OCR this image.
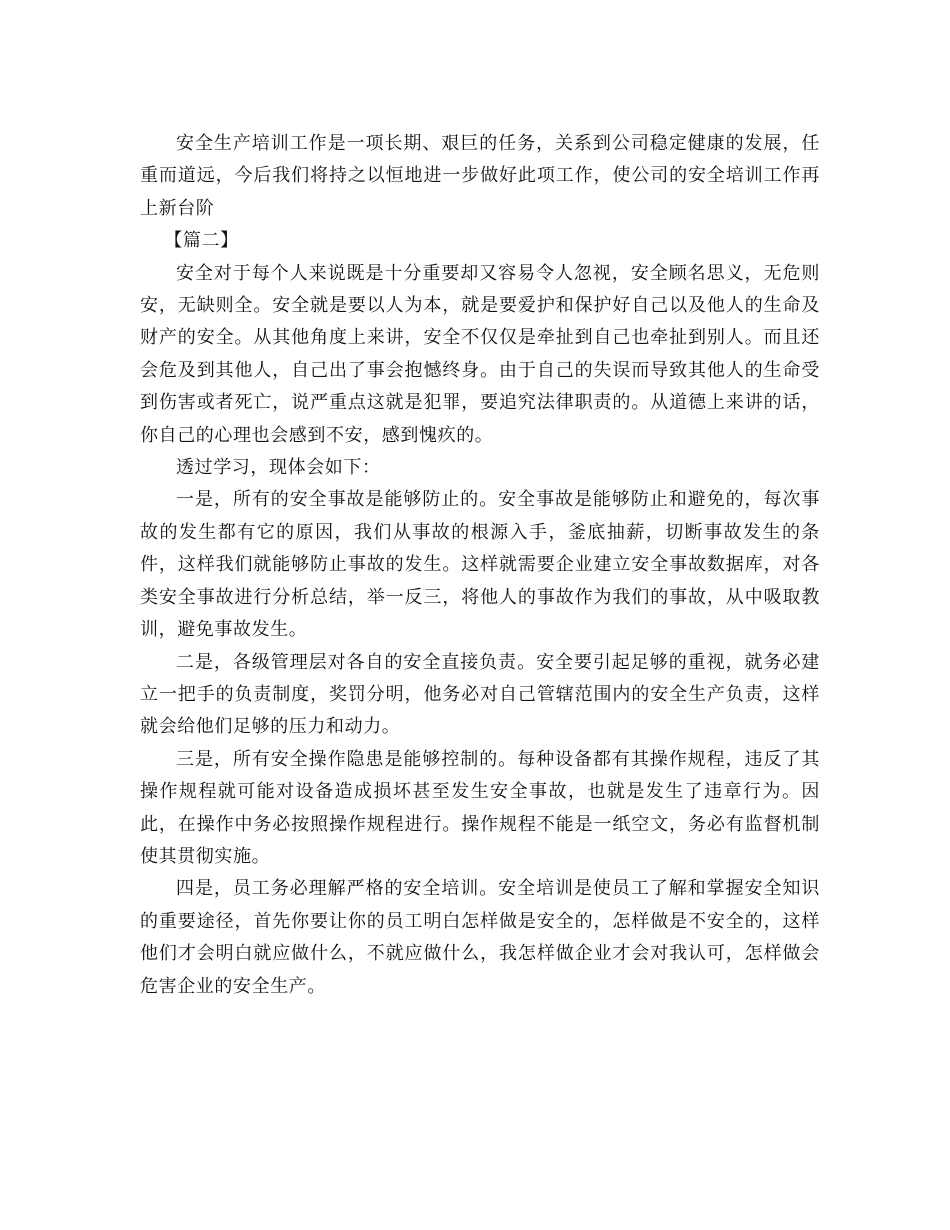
安全生产培训工作是一项长期、艰巨的任务，关系到公司稳定健康的发展，任重而道远，今后我们将持之以恒地进一步做好此项工作，使公司的安全培训工作再上新台阶

【篇二】

安全对于每个人来说既是十分重要却又容易令人忽视，安全顾名思义，无危则安，无缺则全。安全就是要以人为本，就是要爱护和保护好自己以及他人的生命及财产的安全。从其他角度上来讲，安全不仅仅是牵扯到自己也牵扯到别人。而且还会危及到其他人，自己出了事会抱憾终身。由于自己的失误而导致其他人的生命受到伤害或者死亡，说严重点这就是犯罪，要追究法律职责的。从道德上来讲的话，你自己的心理也会感到不安，感到愧疚的。

透过学习，现体会如下：

一是，所有的安全事故是能够防止的。安全事故是能够防止和避免的，每次事故的发生都有它的原因，我们从事故的根源入手，釜底抽薪，切断事故发生的条件，这样我们就能够防止事故的发生。这样就需要企业建立安全事故数据库，对各类安全事故进行分析总结，举一反三，将他人的事故作为我们的事故，从中吸取教训，避免事故发生。

二是，各级管理层对各自的安全直接负责。安全要引起足够的重视，就务必建立一把手的负责制度，奖罚分明，他务必对自己管辖范围内的安全生产负责，这样就会给他们足够的压力和动力。

三是，所有安全操作隐患是能够控制的。每种设备都有其操作规程，违反了其操作规程就可能对设备造成损坏甚至发生安全事故，也就是发生了违章行为。因此，在操作中务必按照操作规程进行。操作规程不能是一纸空文，务必有监督机制使其贯彻实施。

四是，员工务必理解严格的安全培训。安全培训是使员工了解和掌握安全知识的重要途径，首先你要让你的员工明白怎样做是安全的，怎样做是不安全的，这样他们才会明白就应做什么，不就应做什么，我怎样做企业才会对我认可，怎样做会危害企业的安全生产。
